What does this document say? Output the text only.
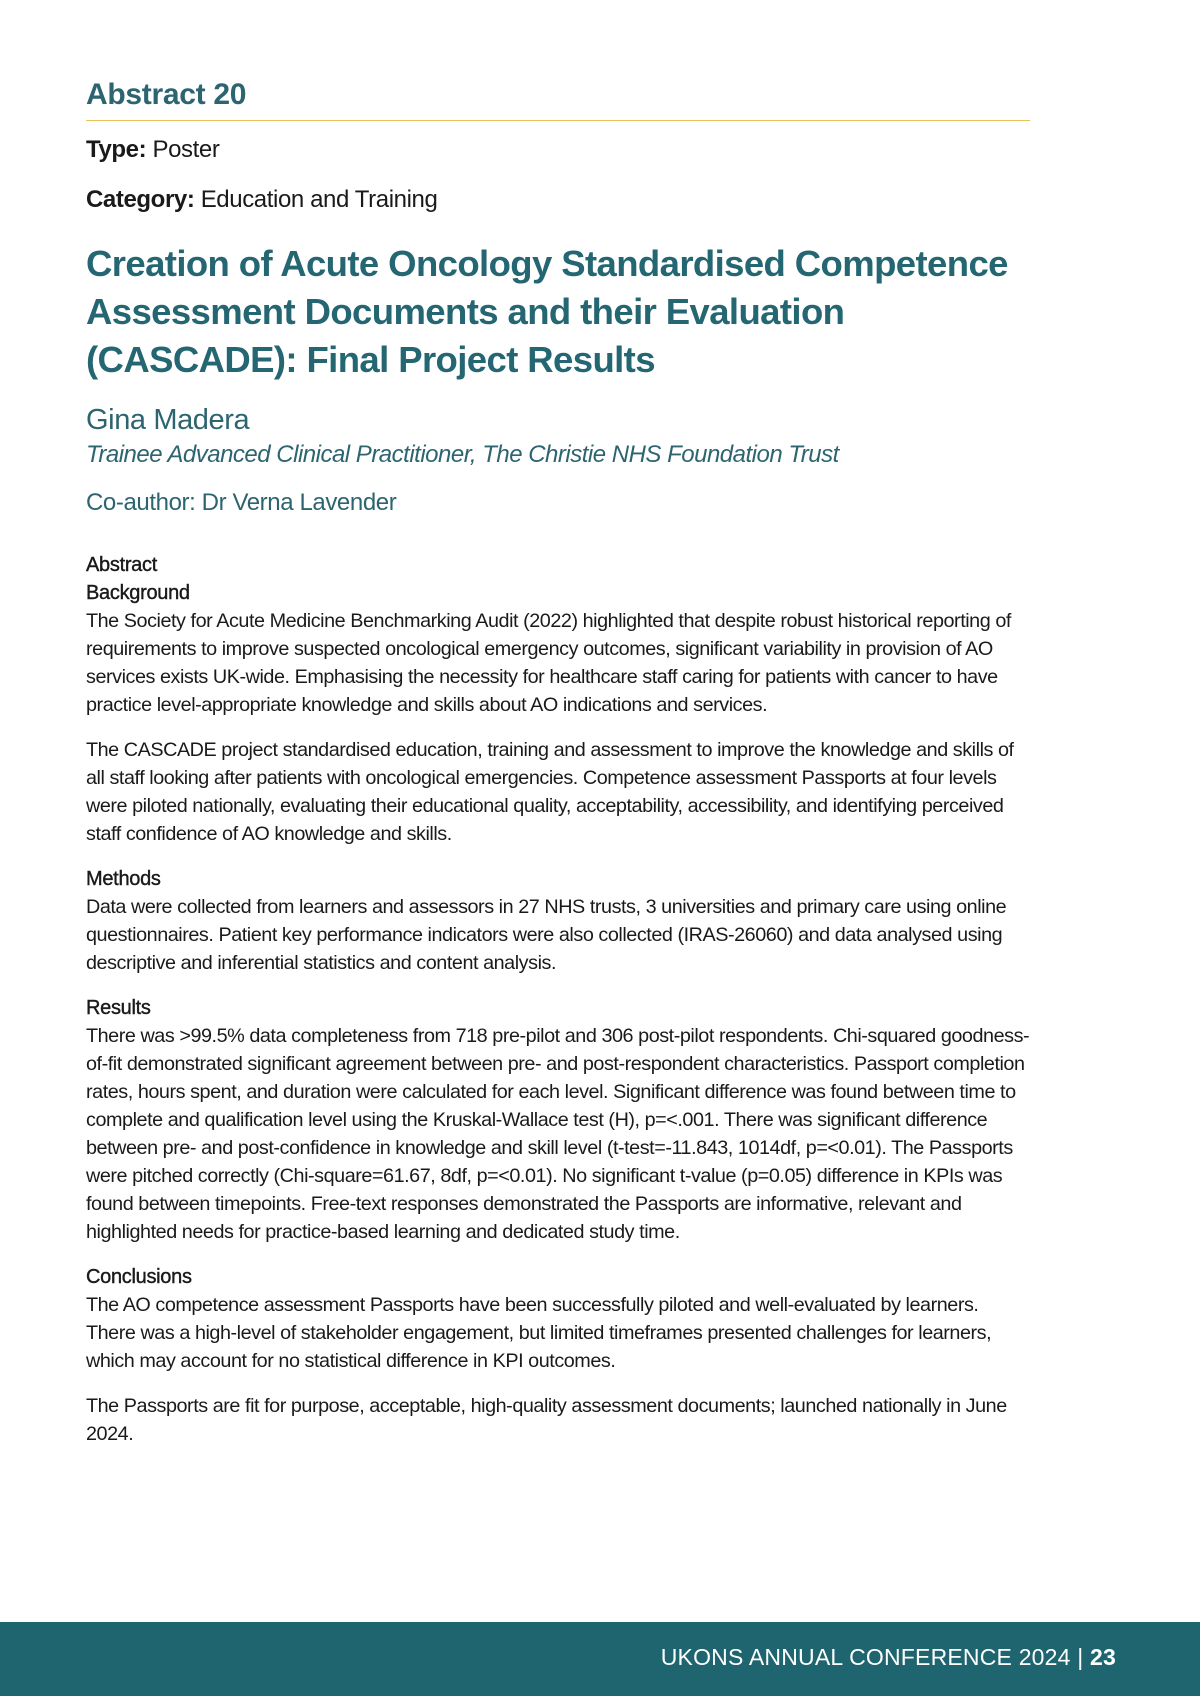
Abstract 20

Type: Poster

Category: Education and Training

Creation of Acute Oncology Standardised Competence Assessment Documents and their Evaluation (CASCADE): Final Project Results

Gina Madera

Trainee Advanced Clinical Practitioner, The Christie NHS Foundation Trust

Co-author: Dr Verna Lavender

Abstract
Background

The Society for Acute Medicine Benchmarking Audit (2022) highlighted that despite robust historical reporting of requirements to improve suspected oncological emergency outcomes, significant variability in provision of AO services exists UK-wide. Emphasising the necessity for healthcare staff caring for patients with cancer to have practice level-appropriate knowledge and skills about AO indications and services.

The CASCADE project standardised education, training and assessment to improve the knowledge and skills of all staff looking after patients with oncological emergencies. Competence assessment Passports at four levels were piloted nationally, evaluating their educational quality, acceptability, accessibility, and identifying perceived staff confidence of AO knowledge and skills.

Methods

Data were collected from learners and assessors in 27 NHS trusts, 3 universities and primary care using online questionnaires. Patient key performance indicators were also collected (IRAS-26060) and data analysed using descriptive and inferential statistics and content analysis.

Results

There was >99.5% data completeness from 718 pre-pilot and 306 post-pilot respondents. Chi-squared goodness-of-fit demonstrated significant agreement between pre- and post-respondent characteristics. Passport completion rates, hours spent, and duration were calculated for each level. Significant difference was found between time to complete and qualification level using the Kruskal-Wallace test (H), p=<.001. There was significant difference between pre- and post-confidence in knowledge and skill level (t-test=-11.843, 1014df, p=<0.01). The Passports were pitched correctly (Chi-square=61.67, 8df, p=<0.01). No significant t-value (p=0.05) difference in KPIs was found between timepoints. Free-text responses demonstrated the Passports are informative, relevant and highlighted needs for practice-based learning and dedicated study time.

Conclusions

The AO competence assessment Passports have been successfully piloted and well-evaluated by learners. There was a high-level of stakeholder engagement, but limited timeframes presented challenges for learners, which may account for no statistical difference in KPI outcomes.

The Passports are fit for purpose, acceptable, high-quality assessment documents; launched nationally in June 2024.

UKONS ANNUAL CONFERENCE 2024 | 23
